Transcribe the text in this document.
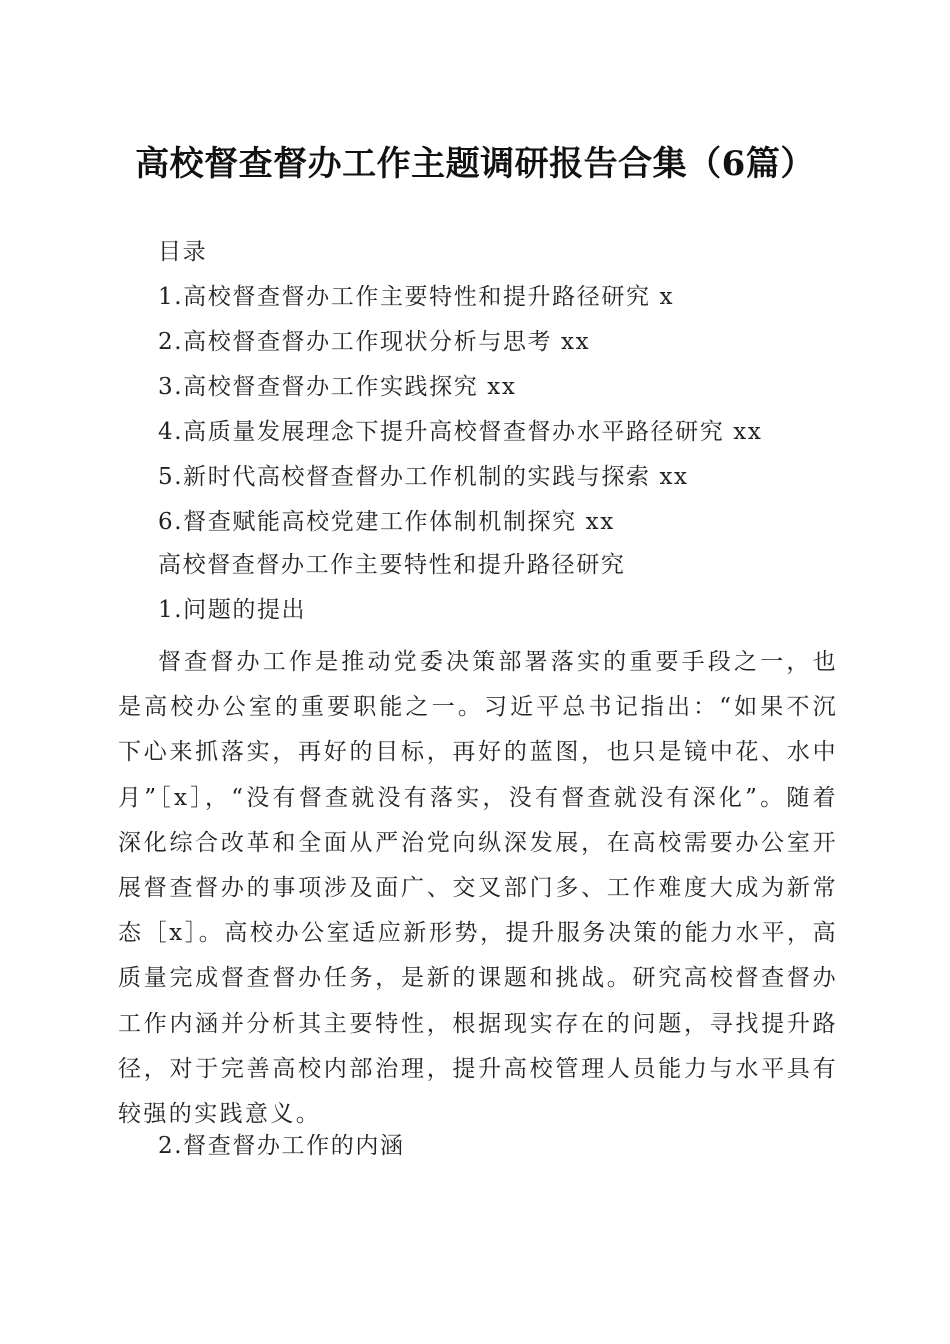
高校督查督办工作主题调研报告合集（6篇）
目录
1.高校督查督办工作主要特性和提升路径研究 x
2.高校督查督办工作现状分析与思考 xx
3.高校督查督办工作实践探究 xx
4.高质量发展理念下提升高校督查督办水平路径研究 xx
5.新时代高校督查督办工作机制的实践与探索 xx
6.督查赋能高校党建工作体制机制探究 xx
高校督查督办工作主要特性和提升路径研究
1.问题的提出

督查督办工作是推动党委决策部署落实的重要手段之一，也是高校办公室的重要职能之一。习近平总书记指出：“如果不沉下心来抓落实，再好的目标，再好的蓝图，也只是镜中花、水中月”［x］，“没有督查就没有落实，没有督查就没有深化”。随着深化综合改革和全面从严治党向纵深发展，在高校需要办公室开展督查督办的事项涉及面广、交叉部门多、工作难度大成为新常态［x］。高校办公室适应新形势，提升服务决策的能力水平，高质量完成督查督办任务，是新的课题和挑战。研究高校督查督办工作内涵并分析其主要特性，根据现实存在的问题，寻找提升路径，对于完善高校内部治理，提升高校管理人员能力与水平具有较强的实践意义。

2.督查督办工作的内涵
